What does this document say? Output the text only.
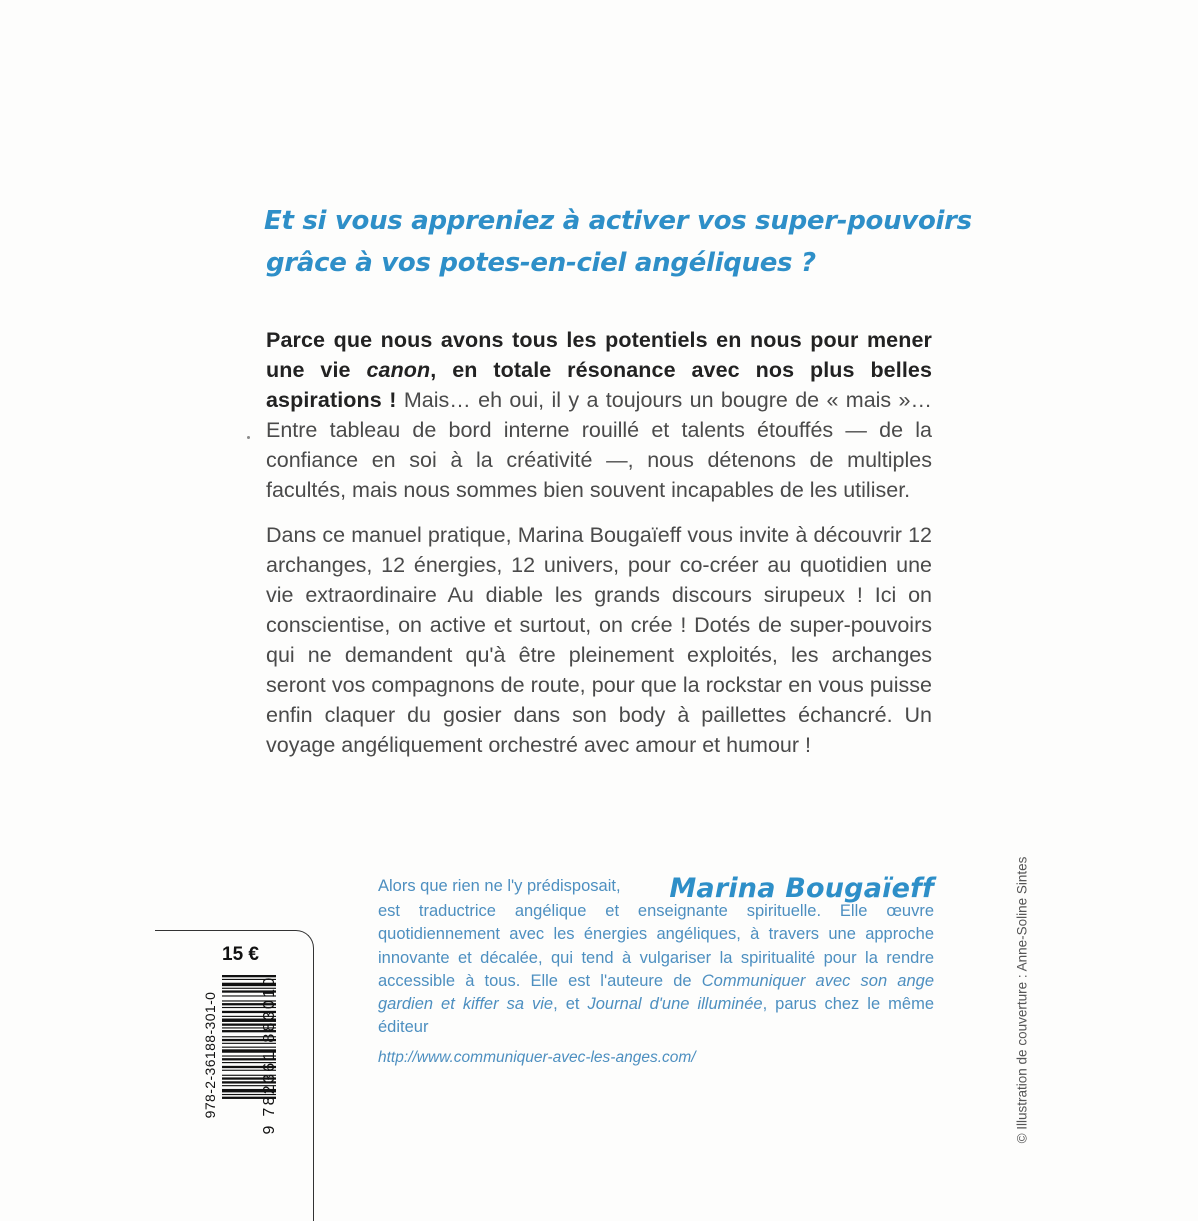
Et si vous appreniez à activer vos super-pouvoirs
grâce à vos potes-en-ciel angéliques ?

Parce que nous avons tous les potentiels en nous pour mener une vie canon, en totale résonance avec nos plus belles aspirations ! Mais… eh oui, il y a toujours un bougre de « mais »… Entre tableau de bord interne rouillé et talents étouffés — de la confiance en soi à la créativité —, nous détenons de multiples facultés, mais nous sommes bien souvent incapables de les utiliser.

Dans ce manuel pratique, Marina Bougaïeff vous invite à découvrir 12 archanges, 12 énergies, 12 univers, pour co-créer au quotidien une vie extraordinaire Au diable les grands discours sirupeux ! Ici on conscientise, on active et surtout, on crée ! Dotés de super-pouvoirs qui ne demandent qu'à être pleinement exploités, les archanges seront vos compagnons de route, pour que la rockstar en vous puisse enfin claquer du gosier dans son body à paillettes échancré. Un voyage angéliquement orchestré avec amour et humour !

Alors que rien ne l'y prédisposait, Marina Bougaïeff

est traductrice angélique et enseignante spirituelle. Elle œuvre quotidiennement avec les énergies angéliques, à travers une approche innovante et décalée, qui tend à vulgariser la spiritualité pour la rendre accessible à tous. Elle est l'auteure de Communiquer avec son ange gardien et kiffer sa vie, et Journal d'une illuminée, parus chez le même éditeur

http://www.communiquer-avec-les-anges.com/

15 €
978-2-36188-301-0	9 782361 883010	© Illustration de couverture : Anne-Soline Sintes
